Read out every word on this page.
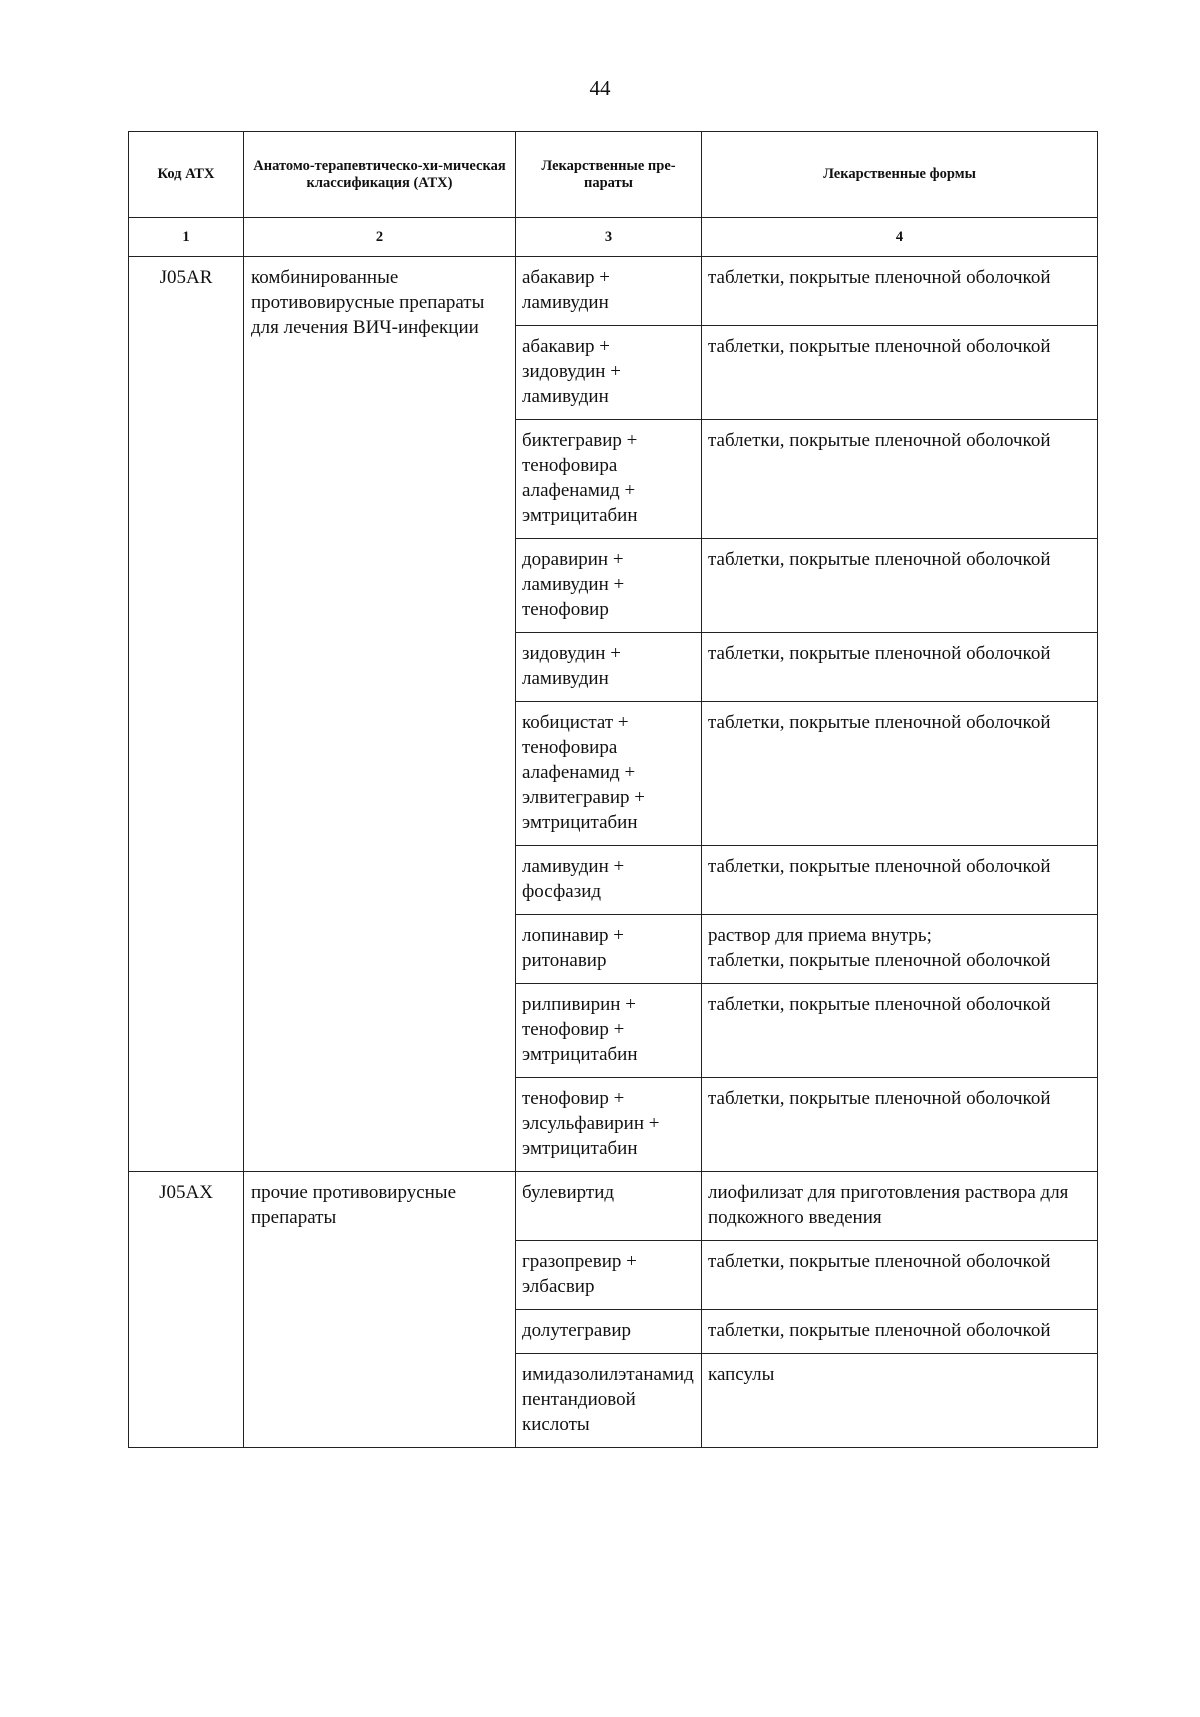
44
Код АТХ	Анатомо-терапевтическо-хи-мическая классификация (АТХ)	Лекарственные пре-параты	Лекарственные формы
1	2	3	4
J05AR	комбинированные противовирусные препараты для лечения ВИЧ-инфекции	абакавир + ламивудин	таблетки, покрытые пленочной оболочкой

		абакавир + зидовудин + ламивудин	таблетки, покрытые пленочной оболочкой

		биктегравир + тенофовира алафенамид + эмтрицитабин	таблетки, покрытые пленочной оболочкой

		доравирин + ламивудин + тенофовир	таблетки, покрытые пленочной оболочкой

		зидовудин + ламивудин	таблетки, покрытые пленочной оболочкой

		кобицистат + тенофовира алафенамид + элвитегравир + эмтрицитабин	таблетки, покрытые пленочной оболочкой

		ламивудин + фосфазид	таблетки, покрытые пленочной оболочкой

		лопинавир + ритонавир	раствор для приема внутрь;
таблетки, покрытые пленочной оболочкой

		рилпивирин + тенофовир + эмтрицитабин	таблетки, покрытые пленочной оболочкой

		тенофовир + элсульфавирин + эмтрицитабин	таблетки, покрытые пленочной оболочкой

J05AX	прочие противовирусные препараты	булевиртид	лиофилизат для приготовления раствора для подкожного введения

		гразопревир + элбасвир	таблетки, покрытые пленочной оболочкой

		долутегравир	таблетки, покрытые пленочной оболочкой

		имидазолилэтанамид пентандиовой кислоты	капсулы
